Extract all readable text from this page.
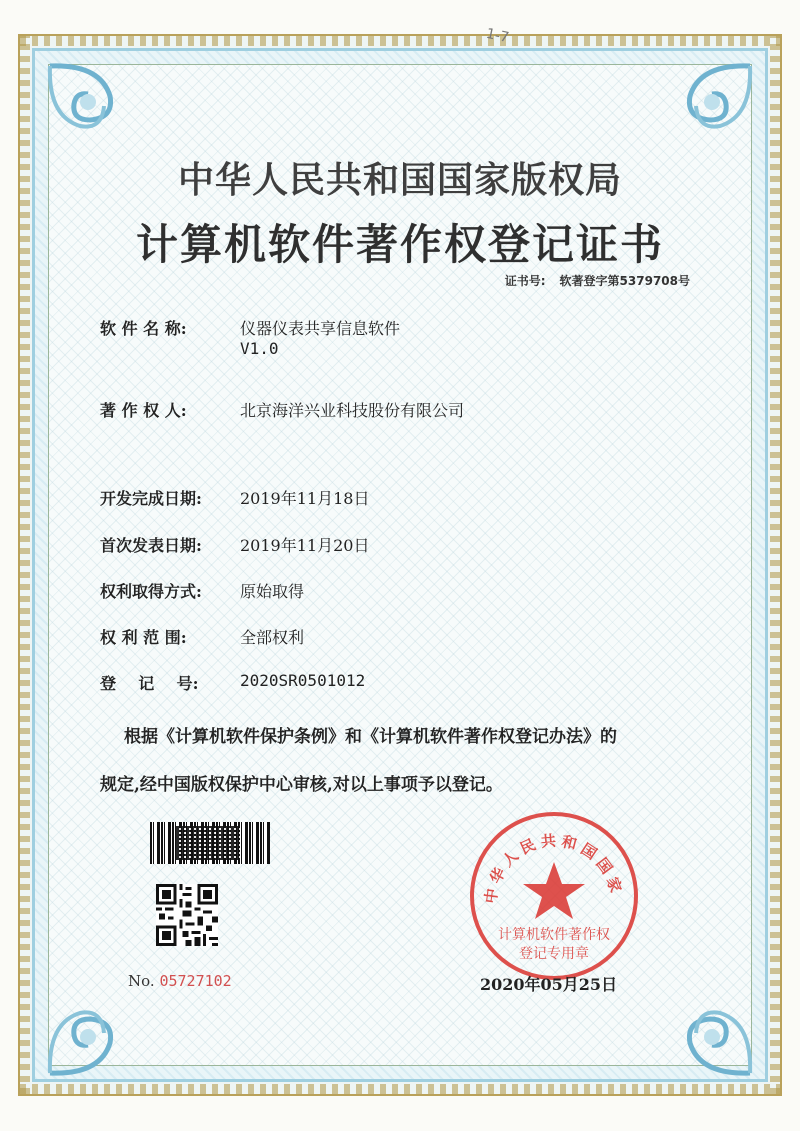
1-7
中华人民共和国国家版权局
计算机软件著作权登记证书
证书号: 软著登字第5379708号
软 件 名 称:	仪器仪表共享信息软件
V1.0
著 作 权 人:	北京海洋兴业科技股份有限公司
开发完成日期: 2019年11月18日
首次发表日期: 2019年11月20日
权利取得方式: 原始取得
权 利 范 围:	全部权利
登    记    号:	2020SR0501012
根据《计算机软件保护条例》和《计算机软件著作权登记办法》的
规定,经中国版权保护中心审核,对以上事项予以登记。
No. 05727102
中华人民共和国国家
计算机软件著作权
登记专用章
2020年05月25日
